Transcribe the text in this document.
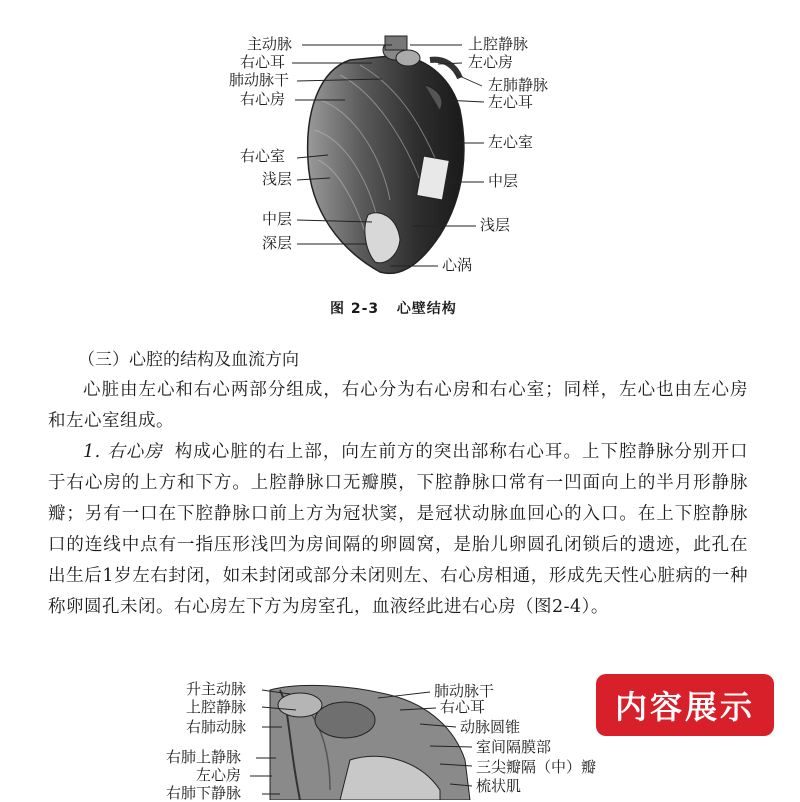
主动脉
右心耳
肺动脉干
右心房
右心室
浅层
中层
深层
上腔静脉
左心房
左肺静脉
左心耳
左心室
中层
浅层
心涡
图 2-3 心壁结构
（三）心腔的结构及血流方向
心脏由左心和右心两部分组成，右心分为右心房和右心室；同样，左心也由左心房和左心室组成。
1. 右心房 构成心脏的右上部，向左前方的突出部称右心耳。上下腔静脉分别开口于右心房的上方和下方。上腔静脉口无瓣膜，下腔静脉口常有一凹面向上的半月形静脉瓣；另有一口在下腔静脉口前上方为冠状窦，是冠状动脉血回心的入口。在上下腔静脉口的连线中点有一指压形浅凹为房间隔的卵圆窝，是胎儿卵圆孔闭锁后的遗迹，此孔在出生后1岁左右封闭，如未封闭或部分未闭则左、右心房相通，形成先天性心脏病的一种称卵圆孔未闭。右心房左下方为房室孔，血液经此进右心房（图2-4）。
升主动脉
上腔静脉
右肺动脉
右肺上静脉
左心房
右肺下静脉
肺动脉干
右心耳
动脉圆锥
室间隔膜部
三尖瓣隔（中）瓣
梳状肌
内容展示
